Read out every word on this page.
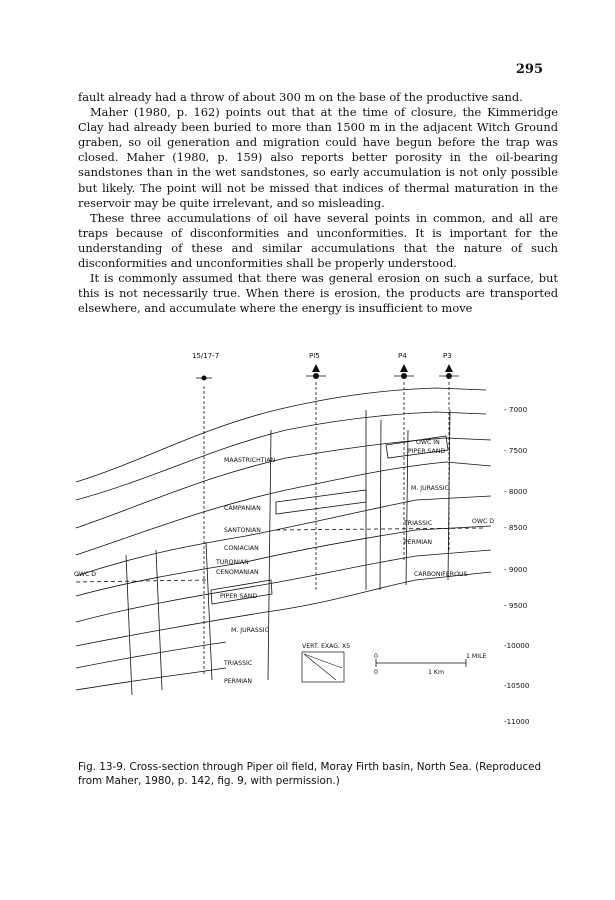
295

fault already had a throw of about 300 m on the base of the productive sand.

Maher (1980, p. 162) points out that at the time of closure, the Kimmeridge Clay had already been buried to more than 1500 m in the adjacent Witch Ground graben, so oil generation and migration could have begun before the trap was closed. Maher (1980, p. 159) also reports better porosity in the oil-bearing sandstones than in the wet sandstones, so early accumulation is not only possible but likely. The point will not be missed that indices of thermal maturation in the reservoir may be quite irrelevant, and so misleading.

These three accumulations of oil have several points in common, and all are traps because of disconformities and unconformities. It is important for the understanding of these and similar accumulations that the nature of such disconformities and unconformities shall be properly understood.

It is commonly assumed that there was general erosion on such a surface, but this is not necessarily true. When there is erosion, the products are transported elsewhere, and accumulate where the energy is insufficient to move

15/17-7	PI5	P4	P3
- 7000
- 7500
- 8000
- 8500
- 9000
- 9500
-10000
-10500
-11000
MAASTRICHTIAN
CAMPANIAN
SANTONIAN
CONIACIAN
TURONIAN
CENOMANIAN
PIPER SAND
M. JURASSIC
TRIASSIC
PERMIAN
M. JURASSIC
TRIASSIC
PERMIAN
CARBONIFEROUS
PIPER SAND
OWC IN
OWC D
OWC D
VERT. EXAG. X5
0	1 MILE
0	1 Km

Fig. 13-9. Cross-section through Piper oil field, Moray Firth basin, North Sea. (Reproduced from Maher, 1980, p. 142, fig. 9, with permission.)
